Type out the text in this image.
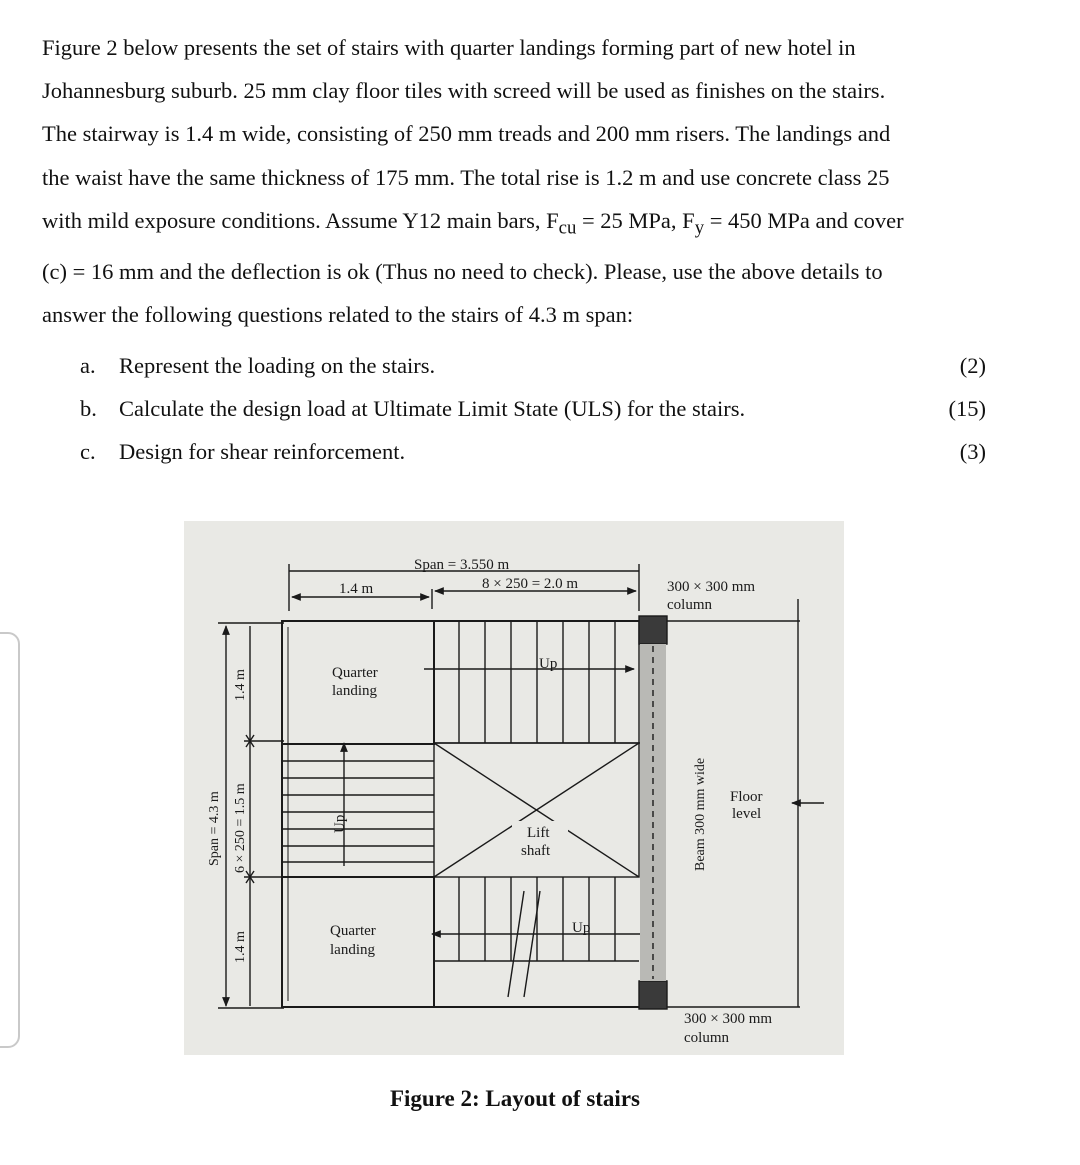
Figure 2 below presents the set of stairs with quarter landings forming part of new hotel in
Johannesburg suburb. 25 mm clay floor tiles with screed will be used as finishes on the stairs.
The stairway is 1.4 m wide, consisting of 250 mm treads and 200 mm risers. The landings and
the waist have the same thickness of 175 mm. The total rise is 1.2 m and use concrete class 25
with mild exposure conditions. Assume Y12 main bars, $F_{cu} = 25$ MPa, $F_y = 450$ MPa and cover
(c) = 16 mm and the deflection is ok (Thus no need to check). Please, use the above details to
answer the following questions related to the stairs of 4.3 m span:
a. Represent the loading on the stairs.	(2)
b. Calculate the design load at Ultimate Limit State (ULS) for the stairs.	(15)
c. Design for shear reinforcement.	(3)
Span = 3.550 m
8 × 250 = 2.0 m
1.4 m	300 × 300 mm
column
Quarter
landing
Up
Up	Lift
shaft
Quarter
landing
Up
Beam 300 mm wide Floor
level
300 × 300 mm
column
Span = 4.3 m
1.4 m
6 × 250 = 1.5 m
1.4 m
Figure 2: Layout of stairs
